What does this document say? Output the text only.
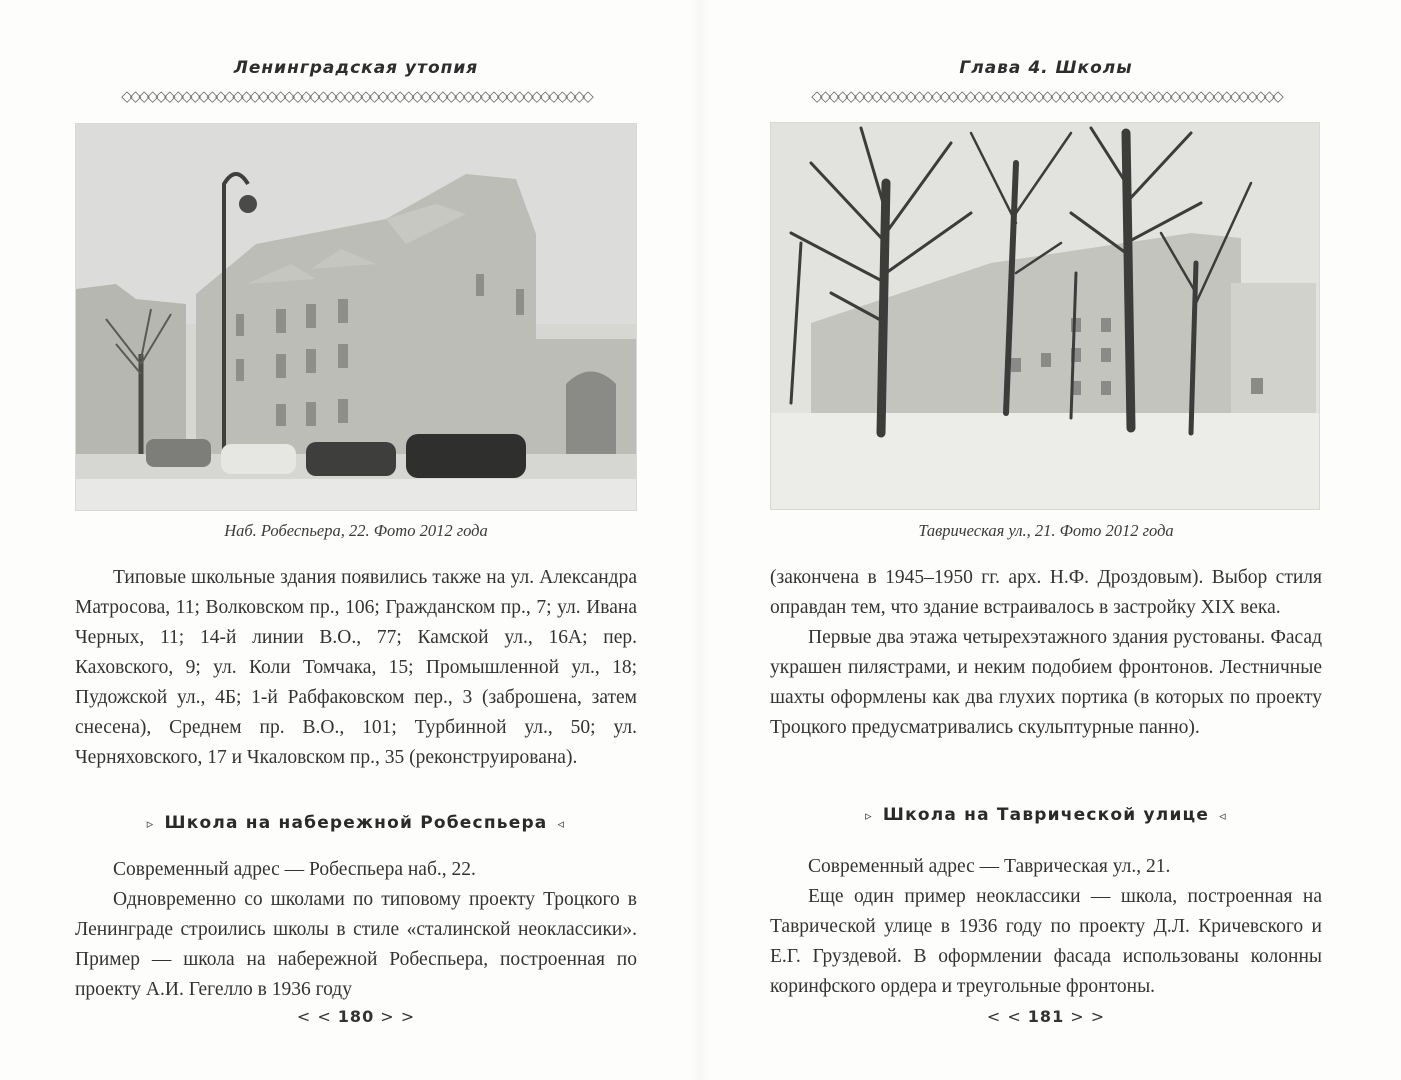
Ленинградская утопия
◇◇◇◇◇◇◇◇◇◇◇◇◇◇◇◇◇◇◇◇◇◇◇◇◇◇◇◇◇◇◇◇◇◇◇◇◇◇◇◇◇◇◇◇◇◇◇◇◇◇◇◇◇◇◇
Наб. Робеспьера, 22. Фото 2012 года

Типовые школьные здания появились также на ул. Александра Матросова, 11; Волковском пр., 106; Гражданском пр., 7; ул. Ивана Черных, 11; 14-й линии В.О., 77; Камской ул., 16А; пер. Каховского, 9; ул. Коли Томчака, 15; Промышленной ул., 18; Пудожской ул., 4Б; 1-й Рабфаковском пер., 3 (заброшена, затем снесена), Среднем пр. В.О., 101; Турбинной ул., 50; ул. Черняховского, 17 и Чкаловском пр., 35 (реконструирована).

▹ Школа на набережной Робеспьера ◃

Современный адрес — Робеспьера наб., 22.

Одновременно со школами по типовому проекту Троцкого в Ленинграде строились школы в стиле «сталинской неоклассики». Пример — школа на набережной Робеспьера, построенная по проекту А.И. Гегелло в 1936 году

< < 180 > >
Глава 4. Школы
◇◇◇◇◇◇◇◇◇◇◇◇◇◇◇◇◇◇◇◇◇◇◇◇◇◇◇◇◇◇◇◇◇◇◇◇◇◇◇◇◇◇◇◇◇◇◇◇◇◇◇◇◇◇◇
Таврическая ул., 21. Фото 2012 года

(закончена в 1945–1950 гг. арх. Н.Ф. Дроздовым). Выбор стиля оправдан тем, что здание встраивалось в застройку XIX века.

Первые два этажа четырехэтажного здания рустованы. Фасад украшен пилястрами, и неким подобием фронтонов. Лестничные шахты оформлены как два глухих портика (в которых по проекту Троцкого предусматривались скульптурные панно).

▹ Школа на Таврической улице ◃

Современный адрес — Таврическая ул., 21.

Еще один пример неоклассики — школа, построенная на Таврической улице в 1936 году по проекту Д.Л. Кричевского и Е.Г. Груздевой. В оформлении фасада использованы колонны коринфского ордера и треугольные фронтоны.

< < 181 > >
